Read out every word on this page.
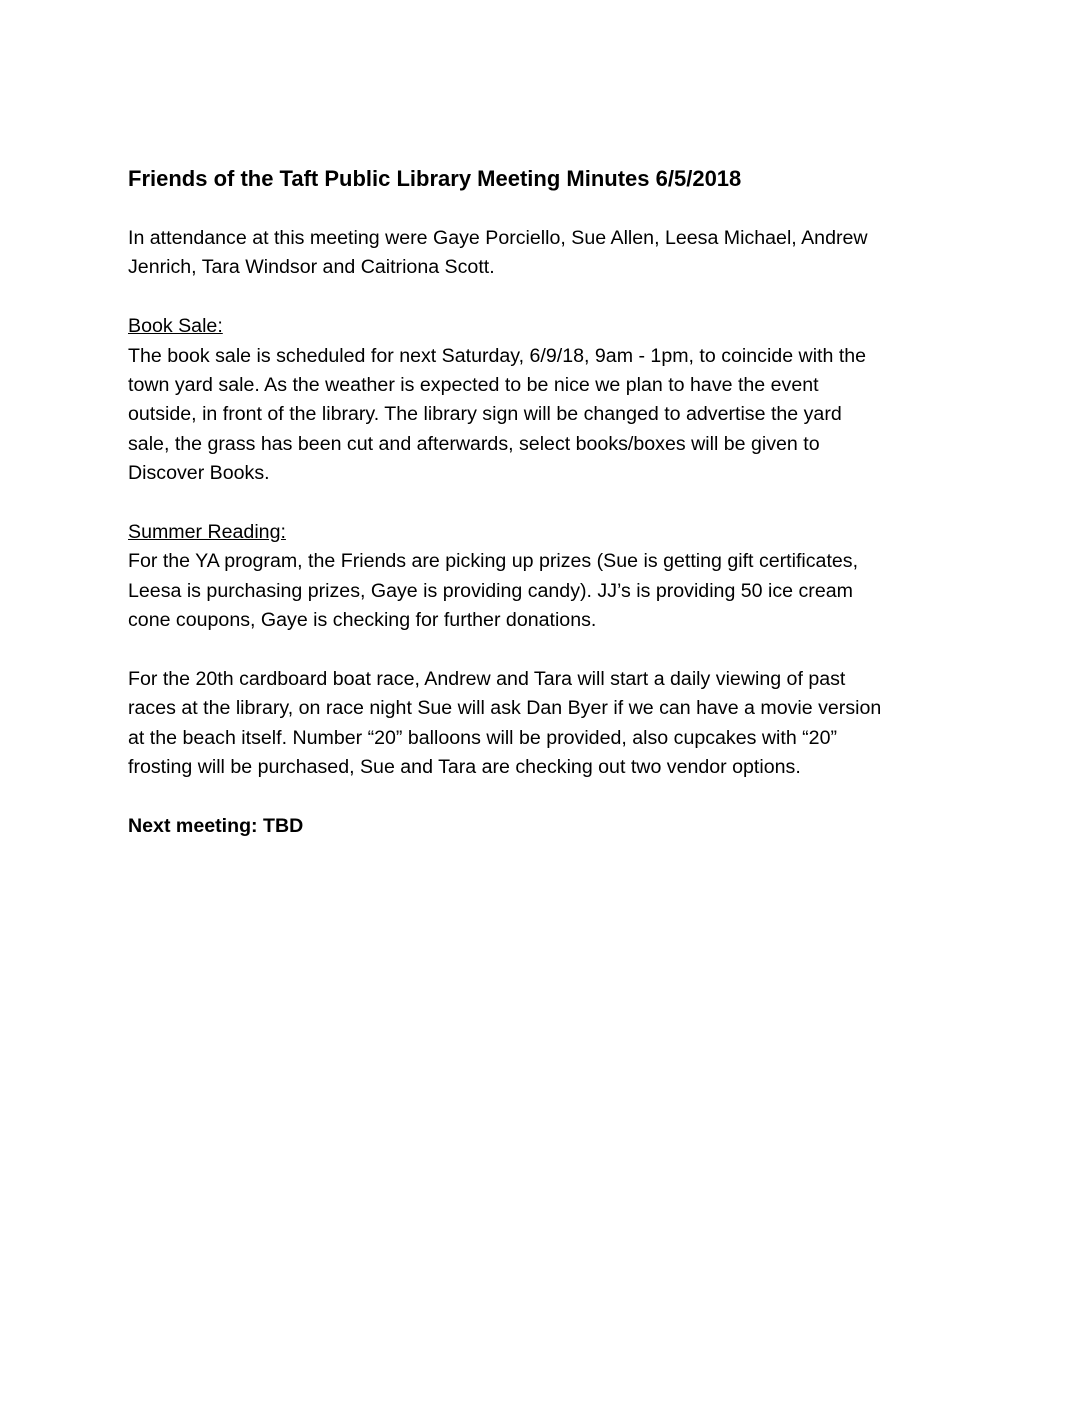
Friends of the Taft Public Library Meeting Minutes 6/5/2018
In attendance at this meeting were Gaye Porciello, Sue Allen, Leesa Michael, Andrew
Jenrich, Tara Windsor and Caitriona Scott.
Book Sale:
The book sale is scheduled for next Saturday, 6/9/18, 9am - 1pm, to coincide with the
town yard sale. As the weather is expected to be nice we plan to have the event
outside, in front of the library. The library sign will be changed to advertise the yard
sale, the grass has been cut and afterwards, select books/boxes will be given to
Discover Books.
Summer Reading:
For the YA program, the Friends are picking up prizes (Sue is getting gift certificates,
Leesa is purchasing prizes, Gaye is providing candy). JJ’s is providing 50 ice cream
cone coupons, Gaye is checking for further donations.
For the 20th cardboard boat race, Andrew and Tara will start a daily viewing of past
races at the library, on race night Sue will ask Dan Byer if we can have a movie version
at the beach itself. Number “20” balloons will be provided, also cupcakes with “20”
frosting will be purchased, Sue and Tara are checking out two vendor options.
Next meeting: TBD
